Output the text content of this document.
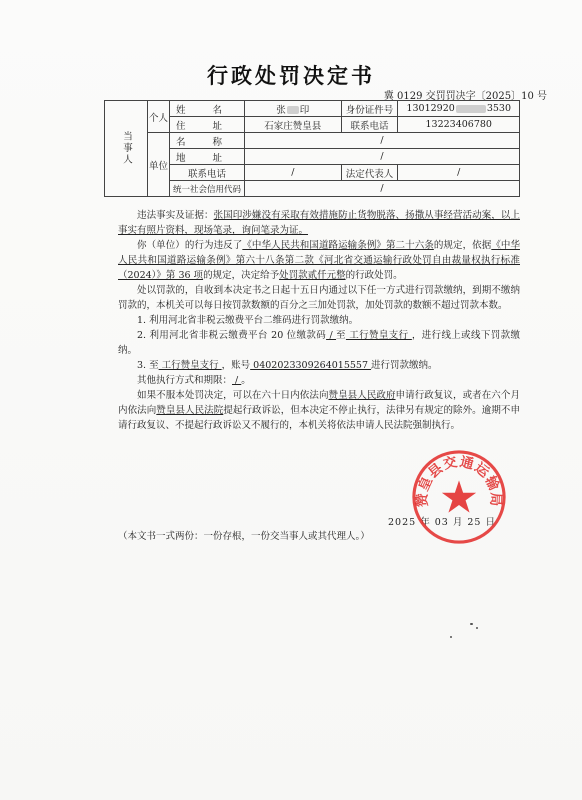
行政处罚决定书
冀 0129 交罚罚决字〔2025〕10 号
当事人	个人	姓 名	张 印	身份证件号	13012920 3530
		住 址	石家庄赞皇县	联系电话	13223406780
	单位	名 称	/		
		地 址	/		
		联系电话	/	法定代表人	/
		统一社会信用代码	/		

违法事实及证据：张国印涉嫌没有采取有效措施防止货物脱落、扬撒从事经营活动案，以上事实有照片资料，现场笔录，询问笔录为证。

你（单位）的行为违反了《中华人民共和国道路运输条例》第二十六条的规定，依据《中华人民共和国道路运输条例》第六十八条第二款《河北省交通运输行政处罚自由裁量权执行标准（2024）》第 36 项的规定，决定给予处罚款贰仟元整的行政处罚。

处以罚款的，自收到本决定书之日起十五日内通过以下任一方式进行罚款缴纳，到期不缴纳罚款的，本机关可以每日按罚款数额的百分之三加处罚款，加处罚款的数额不超过罚款本数。

1. 利用河北省非税云缴费平台二维码进行罚款缴纳。

2. 利用河北省非税云缴费平台 20 位缴款码 / 至 工行赞皇支行 ，进行线上或线下罚款缴纳。

3. 至 工行赞皇支行 ，账号 0402023309264015557 进行罚款缴纳。

其他执行方式和期限： / 。

如果不服本处罚决定，可以在六十日内依法向赞皇县人民政府申请行政复议，或者在六个月内依法向赞皇县人民法院提起行政诉讼，但本决定不停止执行，法律另有规定的除外。逾期不申请行政复议、不提起行政诉讼又不履行的，本机关将依法申请人民法院强制执行。

2025 年 03 月 25 日
（本文书一式两份：一份存根，一份交当事人或其代理人。）
赞皇县交通运输局
